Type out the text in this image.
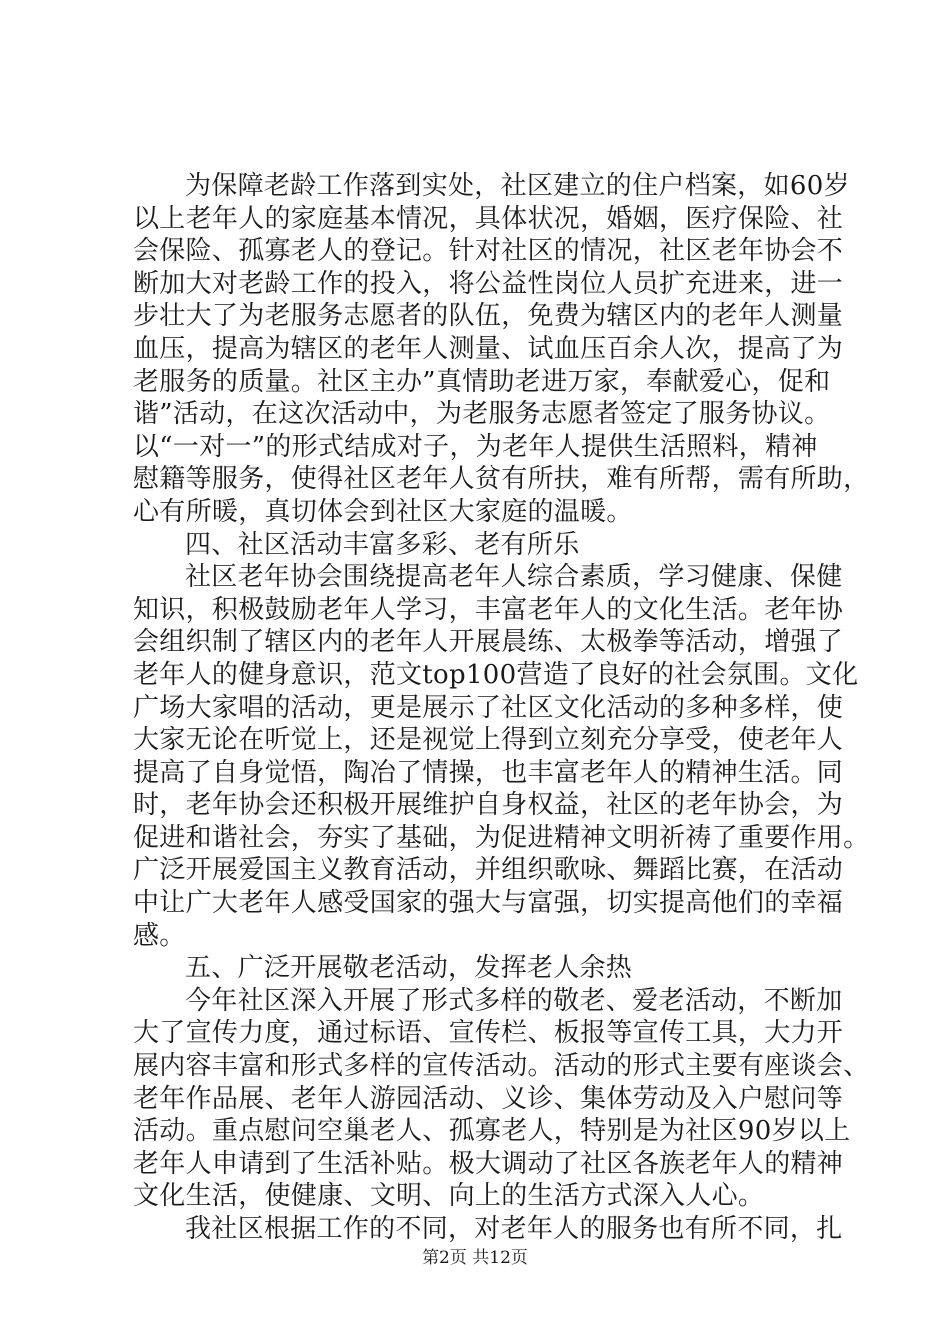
为保障老龄工作落到实处，社区建立的住户档案，如60岁
以上老年人的家庭基本情况，具体状况，婚姻，医疗保险、社
会保险、孤寡老人的登记。针对社区的情况，社区老年协会不
断加大对老龄工作的投入，将公益性岗位人员扩充进来，进一
步壮大了为老服务志愿者的队伍，免费为辖区内的老年人测量
血压，提高为辖区的老年人测量、试血压百余人次，提高了为
老服务的质量。社区主办”真情助老进万家，奉献爱心，促和
谐”活动，在这次活动中，为老服务志愿者签定了服务协议。
以“一对一”的形式结成对子，为老年人提供生活照料，精神
慰籍等服务，使得社区老年人贫有所扶，难有所帮，需有所助，
心有所暖，真切体会到社区大家庭的温暖。
四、社区活动丰富多彩、老有所乐
社区老年协会围绕提高老年人综合素质，学习健康、保健
知识，积极鼓励老年人学习，丰富老年人的文化生活。老年协
会组织制了辖区内的老年人开展晨练、太极拳等活动，增强了
老年人的健身意识，范文top100营造了良好的社会氛围。文化
广场大家唱的活动，更是展示了社区文化活动的多种多样，使
大家无论在听觉上，还是视觉上得到立刻充分享受，使老年人
提高了自身觉悟，陶冶了情操，也丰富老年人的精神生活。同
时，老年协会还积极开展维护自身权益，社区的老年协会，为
促进和谐社会，夯实了基础，为促进精神文明祈祷了重要作用。
广泛开展爱国主义教育活动，并组织歌咏、舞蹈比赛，在活动
中让广大老年人感受国家的强大与富强，切实提高他们的幸福
感。
五、广泛开展敬老活动，发挥老人余热
今年社区深入开展了形式多样的敬老、爱老活动，不断加
大了宣传力度，通过标语、宣传栏、板报等宣传工具，大力开
展内容丰富和形式多样的宣传活动。活动的形式主要有座谈会、
老年作品展、老年人游园活动、义诊、集体劳动及入户慰问等
活动。重点慰问空巢老人、孤寡老人，特别是为社区90岁以上
老年人申请到了生活补贴。极大调动了社区各族老年人的精神
文化生活，使健康、文明、向上的生活方式深入人心。
我社区根据工作的不同，对老年人的服务也有所不同，扎
第2页 共12页
